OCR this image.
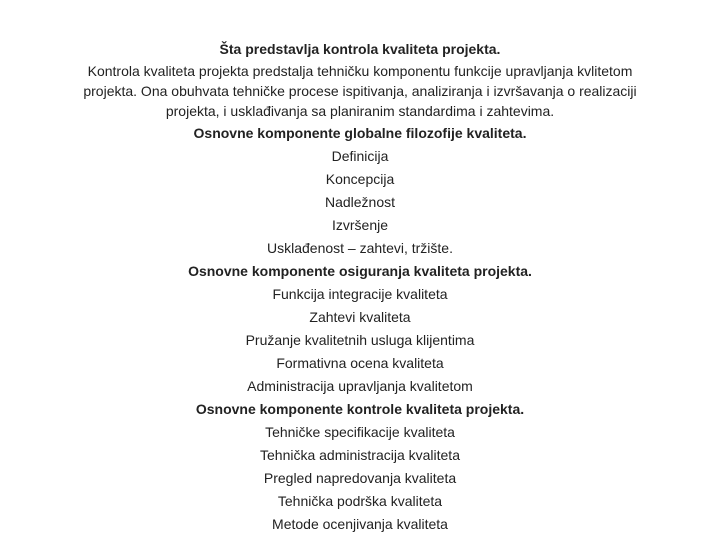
Šta predstavlja kontrola kvaliteta projekta.
Kontrola kvaliteta projekta predstalja tehničku komponentu funkcije upravljanja kvlitetom
projekta. Ona obuhvata tehničke procese ispitivanja, analiziranja i izvršavanja o realizaciji
projekta, i usklađivanja sa planiranim standardima i zahtevima.
Osnovne komponente globalne filozofije kvaliteta.
Definicija
Koncepcija
Nadležnost
Izvršenje
Usklađenost – zahtevi, tržište.
Osnovne komponente osiguranja kvaliteta projekta.
Funkcija integracije kvaliteta
Zahtevi kvaliteta
Pružanje kvalitetnih usluga klijentima
Formativna ocena kvaliteta
Administracija upravljanja kvalitetom
Osnovne komponente kontrole kvaliteta projekta.
Tehničke specifikacije kvaliteta
Tehnička administracija kvaliteta
Pregled napredovanja kvaliteta
Tehnička podrška kvaliteta
Metode ocenjivanja kvaliteta
